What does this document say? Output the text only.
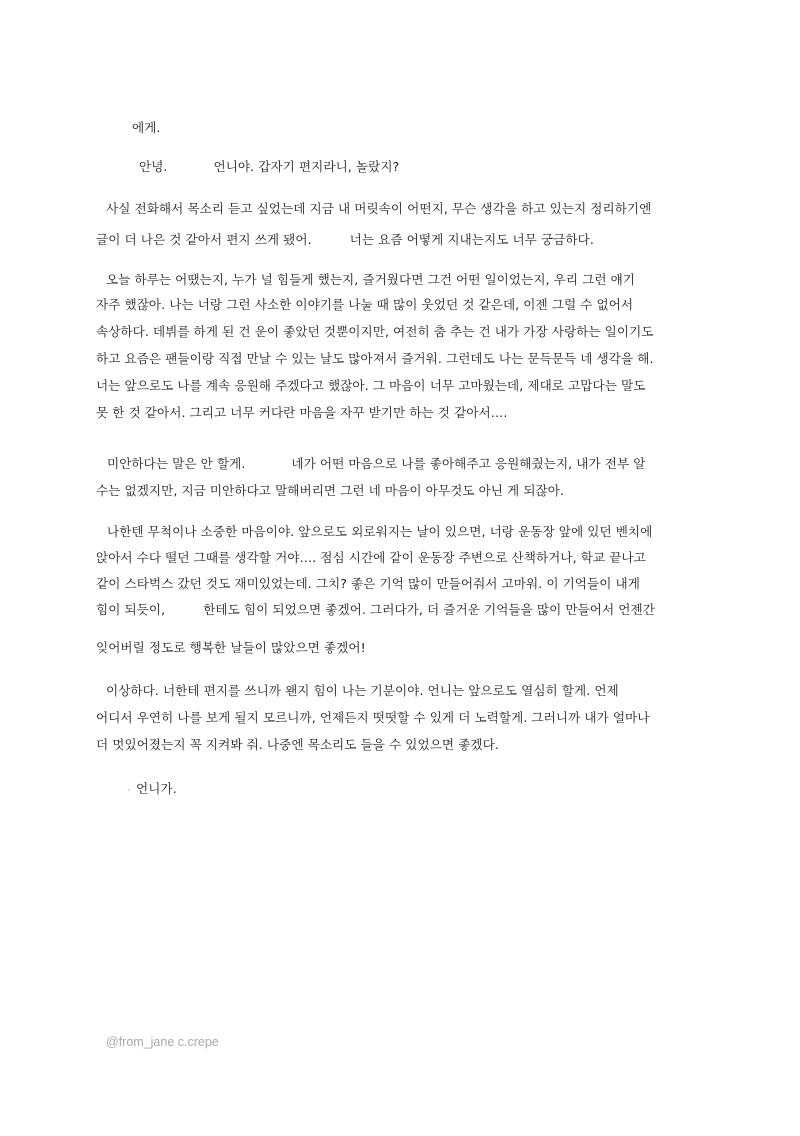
에게.
안녕.	언니야. 갑자기 편지라니, 놀랐지?
사실 전화해서 목소리 듣고 싶었는데 지금 내 머릿속이 어떤지, 무슨 생각을 하고 있는지 정리하기엔
글이 더 나은 것 같아서 편지 쓰게 됐어.	너는 요즘 어떻게 지내는지도 너무 궁금하다.
오늘 하루는 어땠는지, 누가 널 힘들게 했는지, 즐거웠다면 그건 어떤 일이었는지, 우리 그런 얘기
자주 했잖아. 나는 너랑 그런 사소한 이야기를 나눌 때 많이 웃었던 것 같은데, 이젠 그럴 수 없어서
속상하다. 데뷔를 하게 된 건 운이 좋았던 것뿐이지만, 여전히 춤 추는 건 내가 가장 사랑하는 일이기도
하고 요즘은 팬들이랑 직접 만날 수 있는 날도 많아져서 즐거워. 그런데도 나는 문득문득 네 생각을 해.
너는 앞으로도 나를 계속 응원해 주겠다고 했잖아. 그 마음이 너무 고마웠는데, 제대로 고맙다는 말도
못 한 것 같아서. 그리고 너무 커다란 마음을 자꾸 받기만 하는 것 같아서….
미안하다는 말은 안 할게.	네가 어떤 마음으로 나를 좋아해주고 응원해줬는지, 내가 전부 알
수는 없겠지만, 지금 미안하다고 말해버리면 그런 네 마음이 아무것도 아닌 게 되잖아.
나한텐 무척이나 소중한 마음이야. 앞으로도 외로워지는 날이 있으면, 너랑 운동장 앞에 있던 벤치에
앉아서 수다 떨던 그때를 생각할 거야…. 점심 시간에 같이 운동장 주변으로 산책하거나, 학교 끝나고
같이 스타벅스 갔던 것도 재미있었는데. 그치? 좋은 기억 많이 만들어줘서 고마워. 이 기억들이 내게
힘이 되듯이,	한테도 힘이 되었으면 좋겠어. 그러다가, 더 즐거운 기억들을 많이 만들어서 언젠간
잊어버릴 정도로 행복한 날들이 많았으면 좋겠어!
이상하다. 너한테 편지를 쓰니까 왠지 힘이 나는 기분이야. 언니는 앞으로도 열심히 할게. 언제
어디서 우연히 나를 보게 될지 모르니까, 언제든지 떳떳할 수 있게 더 노력할게. 그러니까 내가 얼마나
더 멋있어졌는지 꼭 지켜봐 줘. 나중엔 목소리도 들을 수 있었으면 좋겠다.
언니가.
@from_jane c.crepe
